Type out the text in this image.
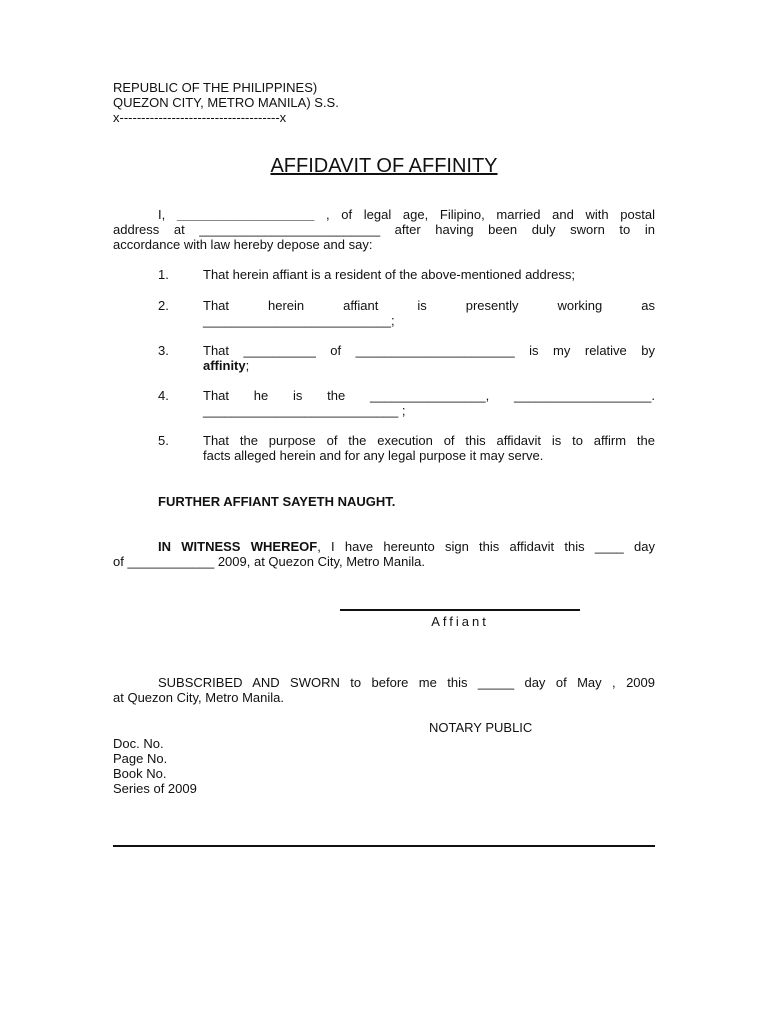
REPUBLIC OF THE PHILIPPINES)
QUEZON CITY, METRO MANILA) S.S.
x-------------------------------------x
AFFIDAVIT OF AFFINITY
I, ___________________ , of legal age, Filipino, married and with postal
address at _________________________ after having been duly sworn to in
accordance with law hereby depose and say:
1.	That herein affiant is a resident of the above-mentioned address;
2.	That herein affiant is presently working as
__________________________;
3.	That __________ of ______________________ is my relative by
affinity;
4.	That he is the ________________, ___________________.
___________________________ ;
5.	That the purpose of the execution of this affidavit is to affirm the
facts alleged herein and for any legal purpose it may serve.
FURTHER AFFIANT SAYETH NAUGHT.
IN WITNESS WHEREOF, I have hereunto sign this affidavit this ____ day
of ____________ 2009, at Quezon City, Metro Manila.
Affiant
SUBSCRIBED AND SWORN to before me this _____ day of May , 2009
at Quezon City, Metro Manila.
NOTARY PUBLIC
Doc. No.
Page No.
Book No.
Series of 2009
